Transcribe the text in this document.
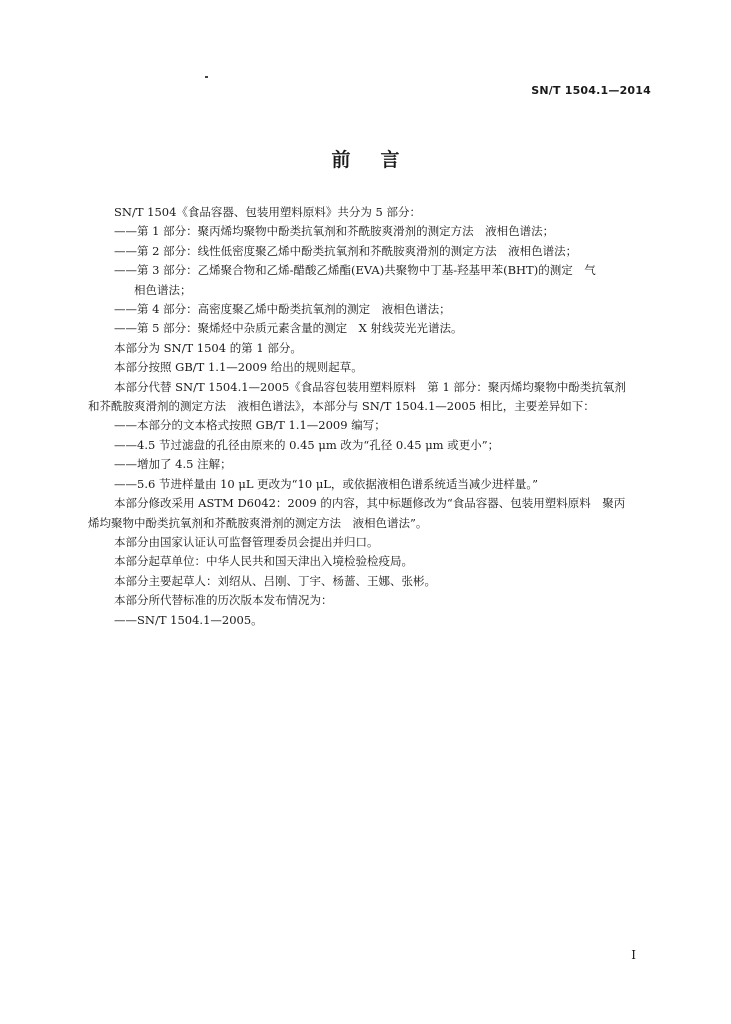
SN/T 1504.1—2014
前言

SN/T 1504《食品容器、包装用塑料原料》共分为 5 部分：

——第 1 部分：聚丙烯均聚物中酚类抗氧剂和芥酰胺爽滑剂的测定方法　液相色谱法；

——第 2 部分：线性低密度聚乙烯中酚类抗氧剂和芥酰胺爽滑剂的测定方法　液相色谱法；

——第 3 部分：乙烯聚合物和乙烯-醋酸乙烯酯(EVA)共聚物中丁基-羟基甲苯(BHT)的测定　气

相色谱法；

——第 4 部分：高密度聚乙烯中酚类抗氧剂的测定　液相色谱法；

——第 5 部分：聚烯烃中杂质元素含量的测定　X 射线荧光光谱法。

本部分为 SN/T 1504 的第 1 部分。

本部分按照 GB/T 1.1—2009 给出的规则起草。

本部分代替 SN/T 1504.1—2005《食品容包装用塑料原料　第 1 部分：聚丙烯均聚物中酚类抗氧剂

和芥酰胺爽滑剂的测定方法　液相色谱法》，本部分与 SN/T 1504.1—2005 相比，主要差异如下：

——本部分的文本格式按照 GB/T 1.1—2009 编写；

——4.5 节过滤盘的孔径由原来的 0.45 μm 改为“孔径 0.45 μm 或更小”；

——增加了 4.5 注解；

——5.6 节进样量由 10 μL 更改为“10 μL，或依据液相色谱系统适当减少进样量。”

本部分修改采用 ASTM D6042：2009 的内容，其中标题修改为“食品容器、包装用塑料原料　聚丙

烯均聚物中酚类抗氧剂和芥酰胺爽滑剂的测定方法　液相色谱法”。

本部分由国家认证认可监督管理委员会提出并归口。

本部分起草单位：中华人民共和国天津出入境检验检疫局。

本部分主要起草人：刘绍从、吕刚、丁宇、杨蔷、王娜、张彬。

本部分所代替标准的历次版本发布情况为：

——SN/T 1504.1—2005。

I
